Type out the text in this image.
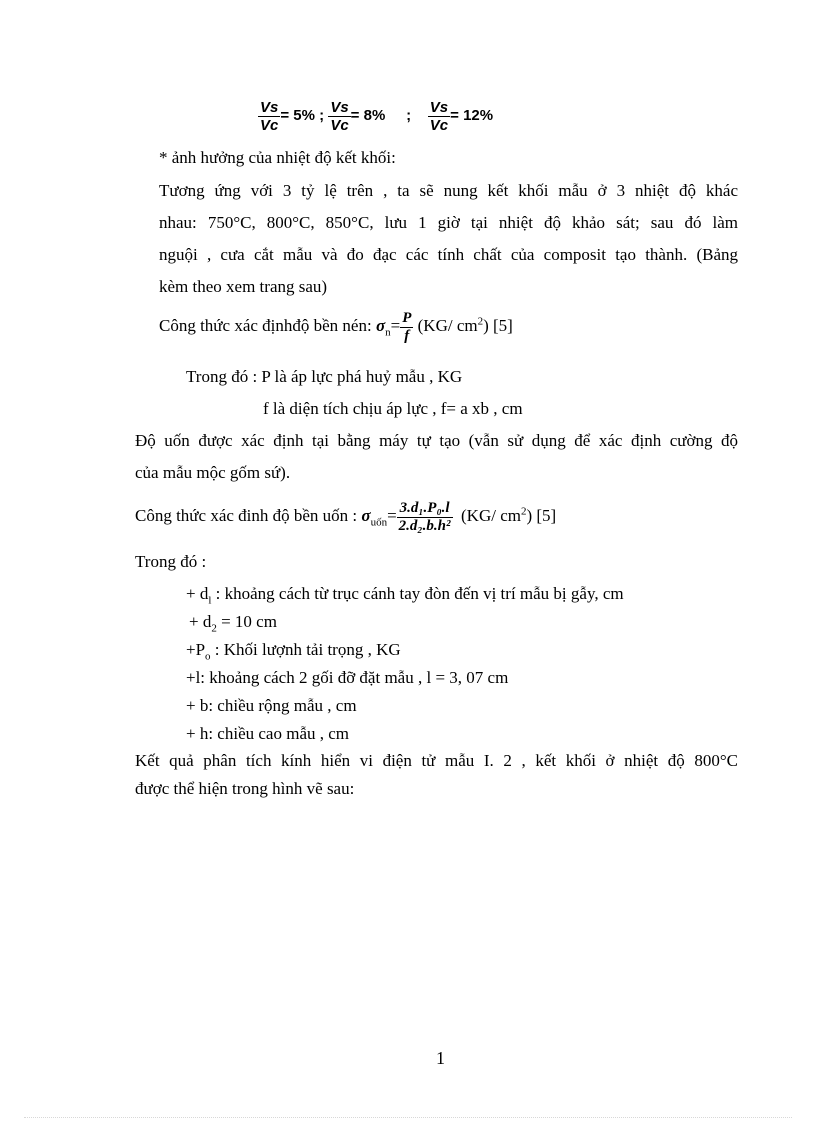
$\frac{Vs}{Vc} = 5\%$ ; $\frac{Vs}{Vc} = 8\%$ ; $\frac{Vs}{Vc} = 12\%$
* ảnh hưởng của nhiệt độ kết khối:
Tương ứng với 3 tỷ lệ trên , ta sẽ nung kết khối mẫu ở 3 nhiệt độ khác
nhau: 750°C, 800°C, 850°C, lưu 1 giờ tại nhiệt độ khảo sát; sau đó làm
nguội , cưa cắt mẫu và đo đạc các tính chất của composit tạo thành. (Bảng
kèm theo xem trang sau)
Công thức xác địnhđộ bền nén: $\sigma_n= \frac{P}{f} (KG/$ $cm^2$) [5]
Trong đó : P là áp lực phá huỷ mẫu , KG
f là diện tích chịu áp lực , f= a xb , cm
Độ uốn được xác định tại bằng máy tự tạo (vẫn sử dụng để xác định cường độ
của mẫu mộc gốm sứ).
Công thức xác đinh độ bền uốn : $\sigma_{uốn}= \frac{\text{3.d₁.P₀.l}}{\text{2.d₂.b.h²}} (KG/$ $cm^2$) [5]
Trong đó :
+ $d_l$ : khoảng cách từ trục cánh tay đòn đến vị trí mẫu bị gẫy, cm
+ $d_2 = 10$ cm
$+P_o$ : Khối lượnh tải trọng , KG
+l: khoảng cách 2 gối đỡ đặt mẫu , l = 3, 07 cm
+ b: chiều rộng mẫu , cm
+ h: chiều cao mẫu , cm
Kết quả phân tích kính hiển vi điện tử mẫu I. 2 , kết khối ở nhiệt độ 800°C
được thể hiện trong hình vẽ sau:
1
